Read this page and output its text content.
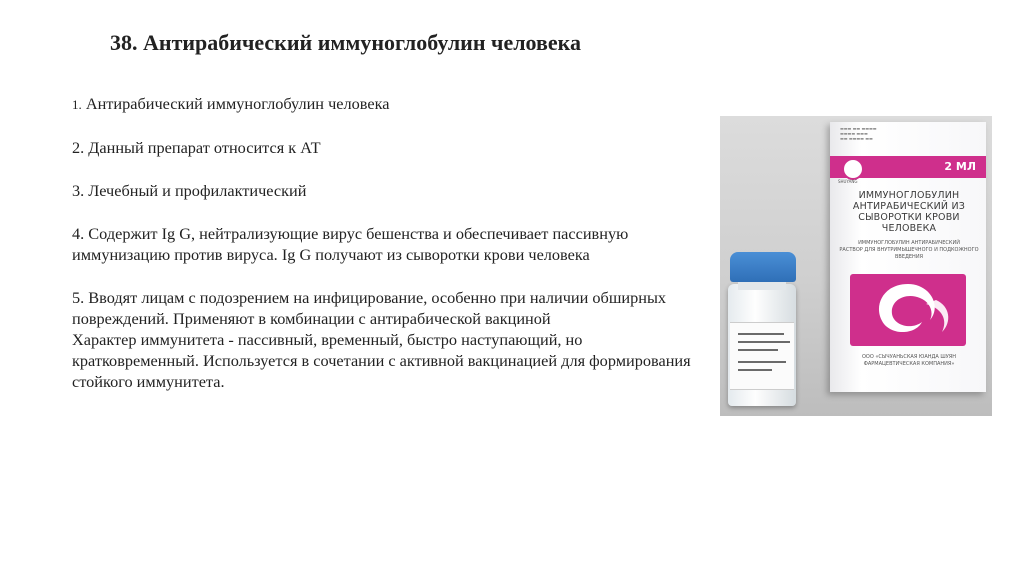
38. Антирабический иммуноглобулин человека

1. Антирабический иммуноглобулин человека

2. Данный препарат относится к АТ

3. Лечебный и профилактический

4. Содержит Ig G, нейтрализующие вирус бешенства и обеспечивает пассивную иммунизацию против вируса. Ig G получают из сыворотки крови человека

5. Вводят лицам с подозрением на инфицирование, особенно при наличии обширных повреждений. Применяют в комбинации с антирабической вакциной

Характер иммунитета - пассивный, временный, быстро наступающий, но кратковременный. Используется в сочетании с активной вакцинацией для формирования стойкого иммунитета.

▬▬▬ ▬▬ ▬▬▬▬
▬▬▬▬ ▬▬▬
▬▬ ▬▬▬▬ ▬▬
2 МЛ
SHUYANG
ИММУНОГЛОБУЛИН АНТИРАБИЧЕСКИЙ ИЗ СЫВОРОТКИ КРОВИ ЧЕЛОВЕКА
ИММУНОГЛОБУЛИН АНТИРАБИЧЕСКИЙ
РАСТВОР ДЛЯ ВНУТРИМЫШЕЧНОГО И ПОДКОЖНОГО ВВЕДЕНИЯ
ООО «СЫЧУАНЬСКАЯ ЮАНДА ШУЯН ФАРМАЦЕВТИЧЕСКАЯ КОМПАНИЯ»
